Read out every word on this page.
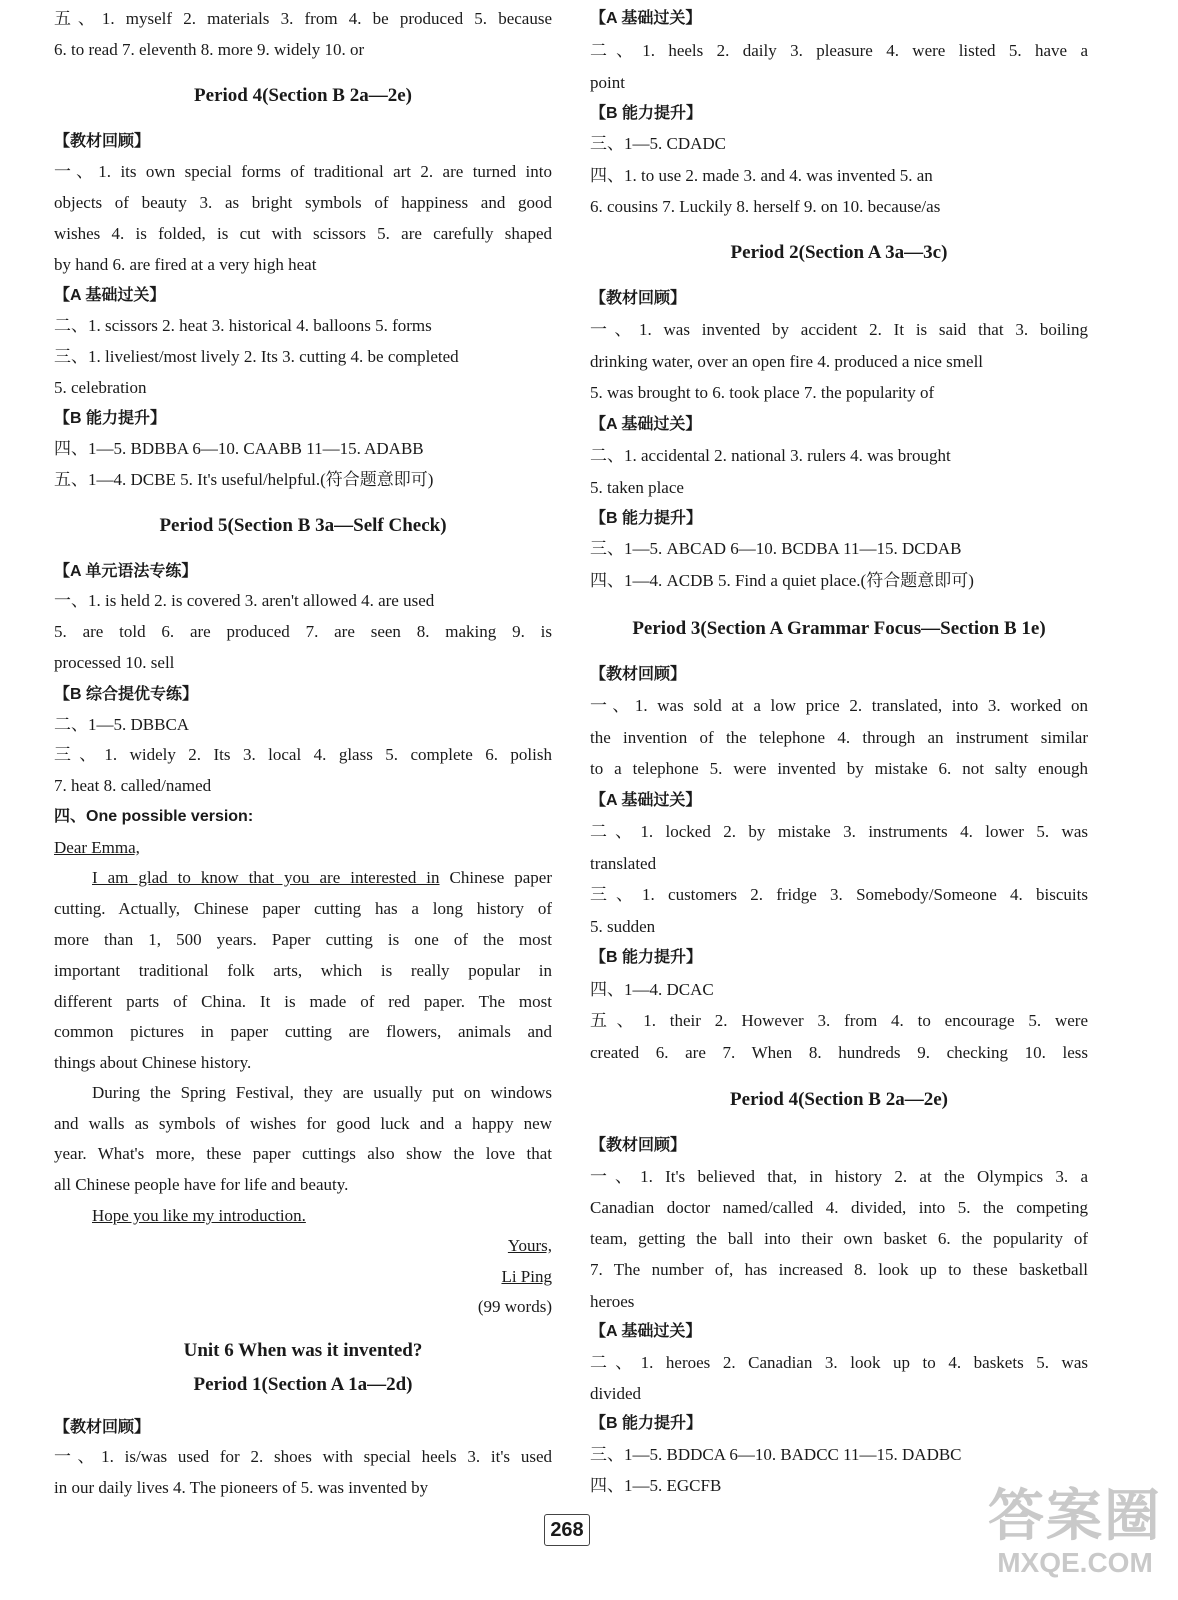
五、1. myself 2. materials 3. from 4. be produced 5. because
6. to read 7. eleventh 8. more 9. widely 10. or
Period 4(Section B 2a—2e)
【教材回顾】
一、1. its own special forms of traditional art 2. are turned into
objects of beauty 3. as bright symbols of happiness and good
wishes 4. is folded, is cut with scissors 5. are carefully shaped
by hand 6. are fired at a very high heat
【A 基础过关】
二、1. scissors 2. heat 3. historical 4. balloons 5. forms
三、1. liveliest/most lively 2. Its 3. cutting 4. be completed
5. celebration
【B 能力提升】
四、1—5. BDBBA 6—10. CAABB 11—15. ADABB
五、1—4. DCBE 5. It's useful/helpful.(符合题意即可)
Period 5(Section B 3a—Self Check)
【A 单元语法专练】
一、1. is held 2. is covered 3. aren't allowed 4. are used
5. are told 6. are produced 7. are seen 8. making 9. is
processed 10. sell
【B 综合提优专练】
二、1—5. DBBCA
三、1. widely 2. Its 3. local 4. glass 5. complete 6. polish
7. heat 8. called/named
四、One possible version:
Dear Emma,
I am glad to know that you are interested in Chinese paper
cutting. Actually, Chinese paper cutting has a long history of
more than 1, 500 years. Paper cutting is one of the most
important traditional folk arts, which is really popular in
different parts of China. It is made of red paper. The most
common pictures in paper cutting are flowers, animals and
things about Chinese history.
During the Spring Festival, they are usually put on windows
and walls as symbols of wishes for good luck and a happy new
year. What's more, these paper cuttings also show the love that
all Chinese people have for life and beauty.
Hope you like my introduction.
Yours,
Li Ping
(99 words)
Unit 6 When was it invented?
Period 1(Section A 1a—2d)
【教材回顾】
一、1. is/was used for 2. shoes with special heels 3. it's used
in our daily lives 4. The pioneers of 5. was invented by
【A 基础过关】
二、1. heels 2. daily 3. pleasure 4. were listed 5. have a
point
【B 能力提升】
三、1—5. CDADC
四、1. to use 2. made 3. and 4. was invented 5. an
6. cousins 7. Luckily 8. herself 9. on 10. because/as
Period 2(Section A 3a—3c)
【教材回顾】
一、1. was invented by accident 2. It is said that 3. boiling
drinking water, over an open fire 4. produced a nice smell
5. was brought to 6. took place 7. the popularity of
【A 基础过关】
二、1. accidental 2. national 3. rulers 4. was brought
5. taken place
【B 能力提升】
三、1—5. ABCAD 6—10. BCDBA 11—15. DCDAB
四、1—4. ACDB 5. Find a quiet place.(符合题意即可)
Period 3(Section A Grammar Focus—Section B 1e)
【教材回顾】
一、1. was sold at a low price 2. translated, into 3. worked on
the invention of the telephone 4. through an instrument similar
to a telephone 5. were invented by mistake 6. not salty enough
【A 基础过关】
二、1. locked 2. by mistake 3. instruments 4. lower 5. was
translated
三、1. customers 2. fridge 3. Somebody/Someone 4. biscuits
5. sudden
【B 能力提升】
四、1—4. DCAC
五、1. their 2. However 3. from 4. to encourage 5. were
created 6. are 7. When 8. hundreds 9. checking 10. less
Period 4(Section B 2a—2e)
【教材回顾】
一、1. It's believed that, in history 2. at the Olympics 3. a
Canadian doctor named/called 4. divided, into 5. the competing
team, getting the ball into their own basket 6. the popularity of
7. The number of, has increased 8. look up to these basketball
heroes
【A 基础过关】
二、1. heroes 2. Canadian 3. look up to 4. baskets 5. was
divided
【B 能力提升】
三、1—5. BDDCA 6—10. BADCC 11—15. DADBC
四、1—5. EGCFB
268	答案圈
MXQE.COM
